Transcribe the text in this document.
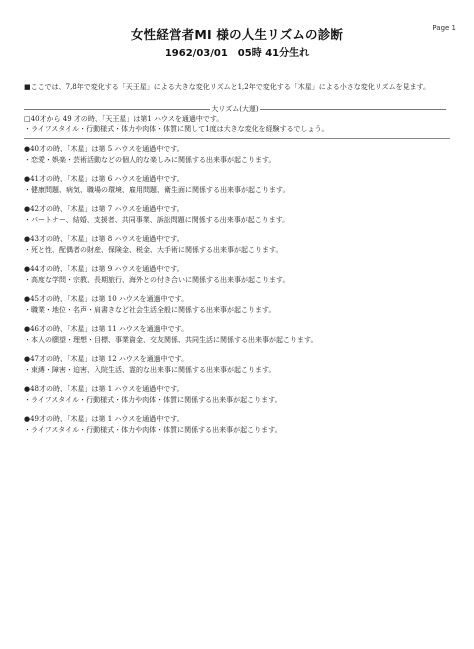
Page 1
女性経営者MI 様の人生リズムの診断
1962/03/01　05時 41分生れ
■ここでは、7,8年で変化する「天王星」による大きな変化リズムと1,2年で変化する「木星」による小さな変化リズムを見ます。
大リズム(大運)
□40才から 49 才の時、「天王星」は第1 ハウスを通過中です。
・ライフスタイル・行動様式・体力や肉体・体質に関して1度は大きな変化を経験するでしょう。
●40才の時、「木星」は第 5 ハウスを通過中です。
・恋愛・娯楽・芸術活動などの個人的な楽しみに関係する出来事が起こります。
●41才の時、「木星」は第 6 ハウスを通過中です。
・健康問題、病気、職場の環境、雇用問題、衛生面に関係する出来事が起こります。
●42才の時、「木星」は第 7 ハウスを通過中です。
・パートナー、結婚、支援者、共同事業、訴訟問題に関係する出来事が起こります。
●43才の時、「木星」は第 8 ハウスを通過中です。
・死と性、配偶者の財産、保険金、税金、大手術に関係する出来事が起こります。
●44才の時、「木星」は第 9 ハウスを通過中です。
・高度な学問・宗教、長期旅行、海外との付き合いに関係する出来事が起こります。
●45才の時、「木星」は第 10 ハウスを通過中です。
・職業・地位・名声・肩書きなど社会生活全般に関係する出来事が起こります。
●46才の時、「木星」は第 11 ハウスを通過中です。
・本人の願望・理想・目標、事業資金、交友関係、共同生活に関係する出来事が起こります。
●47才の時、「木星」は第 12 ハウスを通過中です。
・束縛・障害・迫害、入院生活、霊的な出来事に関係する出来事が起こります。
●48才の時、「木星」は第 1 ハウスを通過中です。
・ライフスタイル・行動様式・体力や肉体・体質に関係する出来事が起こります。
●49才の時、「木星」は第 1 ハウスを通過中です。
・ライフスタイル・行動様式・体力や肉体・体質に関係する出来事が起こります。
